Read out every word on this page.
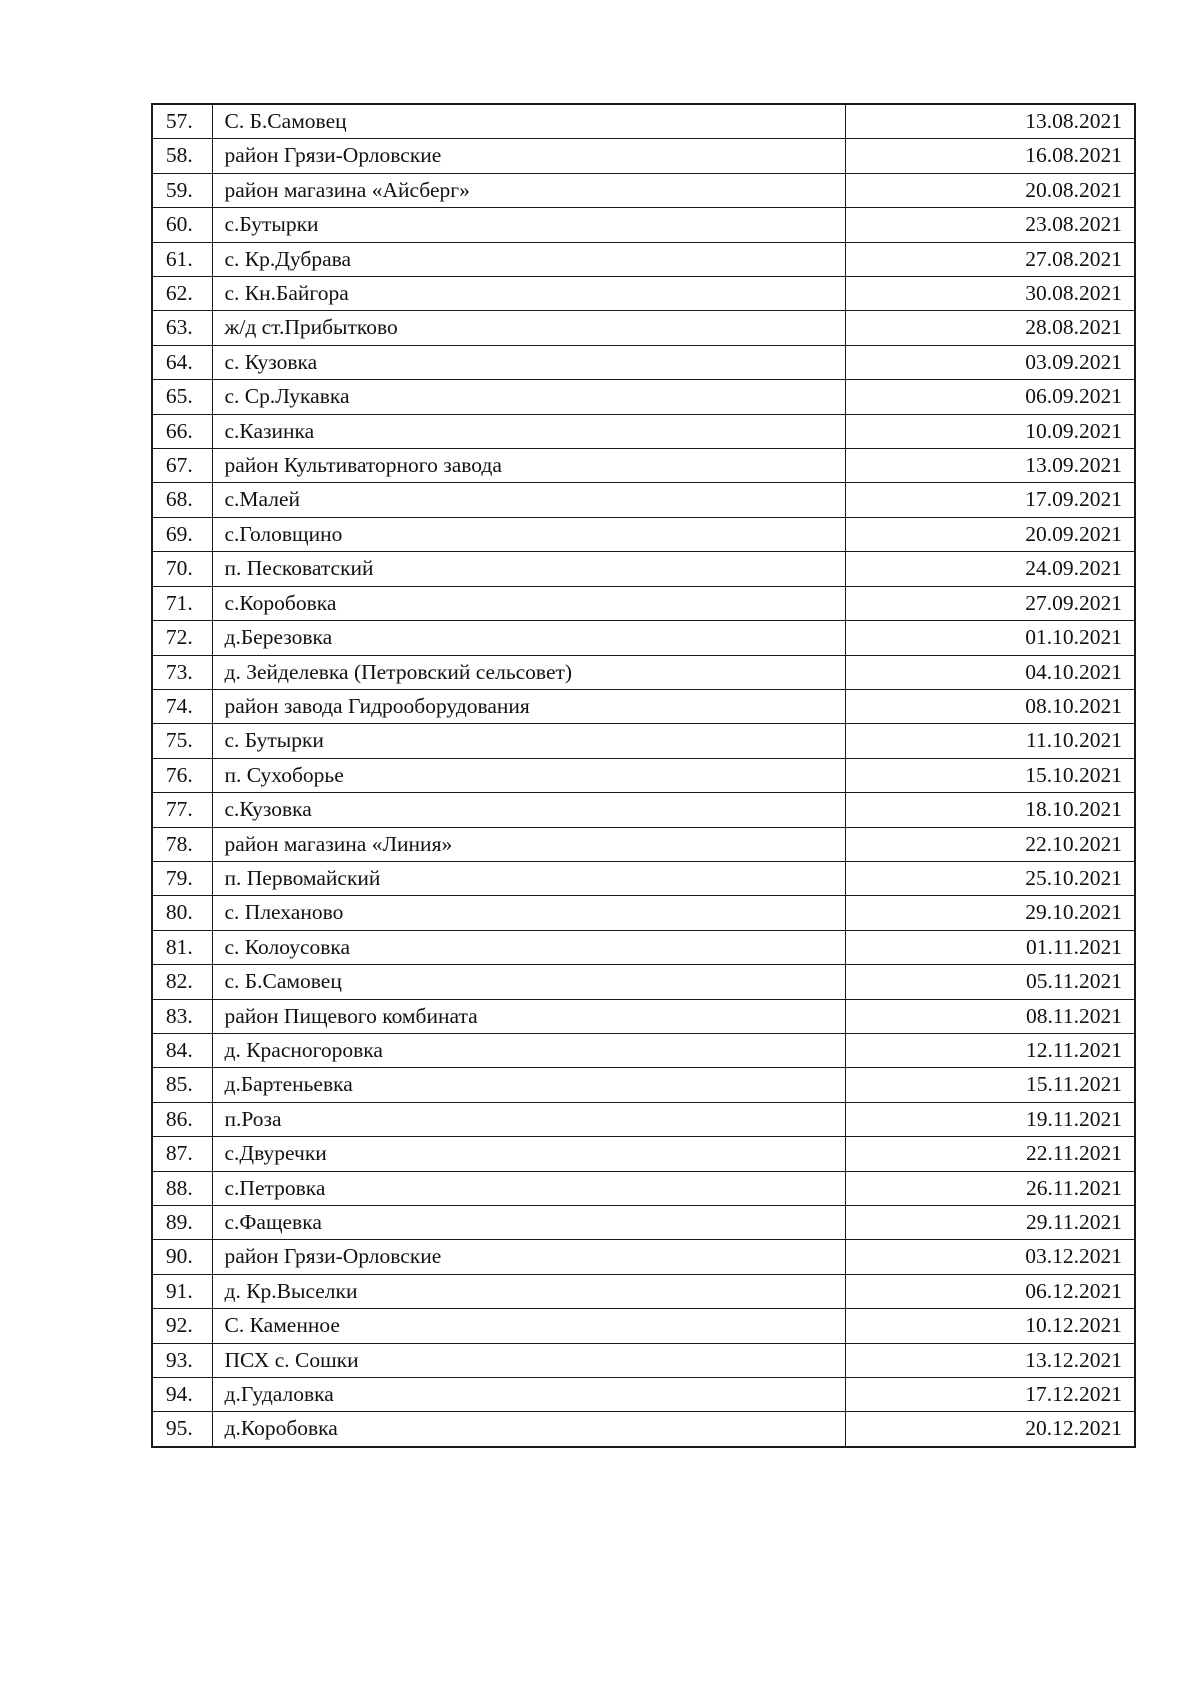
57.	С. Б.Самовец	13.08.2021
58.	район Грязи-Орловские	16.08.2021
59.	район магазина «Айсберг»	20.08.2021
60.	с.Бутырки	23.08.2021
61.	с. Кр.Дубрава	27.08.2021
62.	с. Кн.Байгора	30.08.2021
63.	ж/д ст.Прибытково	28.08.2021
64.	с. Кузовка	03.09.2021
65.	с. Ср.Лукавка	06.09.2021
66.	с.Казинка	10.09.2021
67.	район Культиваторного завода	13.09.2021
68.	с.Малей	17.09.2021
69.	с.Головщино	20.09.2021
70.	п. Песковатский	24.09.2021
71.	с.Коробовка	27.09.2021
72.	д.Березовка	01.10.2021
73.	д. Зейделевка (Петровский сельсовет)	04.10.2021
74.	район завода Гидрооборудования	08.10.2021
75.	с. Бутырки	11.10.2021
76.	п. Сухоборье	15.10.2021
77.	с.Кузовка	18.10.2021
78.	район магазина «Линия»	22.10.2021
79.	п. Первомайский	25.10.2021
80.	с. Плеханово	29.10.2021
81.	с. Колоусовка	01.11.2021
82.	с. Б.Самовец	05.11.2021
83.	район Пищевого комбината	08.11.2021
84.	д. Красногоровка	12.11.2021
85.	д.Бартеньевка	15.11.2021
86.	п.Роза	19.11.2021
87.	с.Двуречки	22.11.2021
88.	с.Петровка	26.11.2021
89.	с.Фащевка	29.11.2021
90.	район Грязи-Орловские	03.12.2021
91.	д. Кр.Выселки	06.12.2021
92.	С. Каменное	10.12.2021
93.	ПСХ с. Сошки	13.12.2021
94.	д.Гудаловка	17.12.2021
95.	д.Коробовка	20.12.2021
